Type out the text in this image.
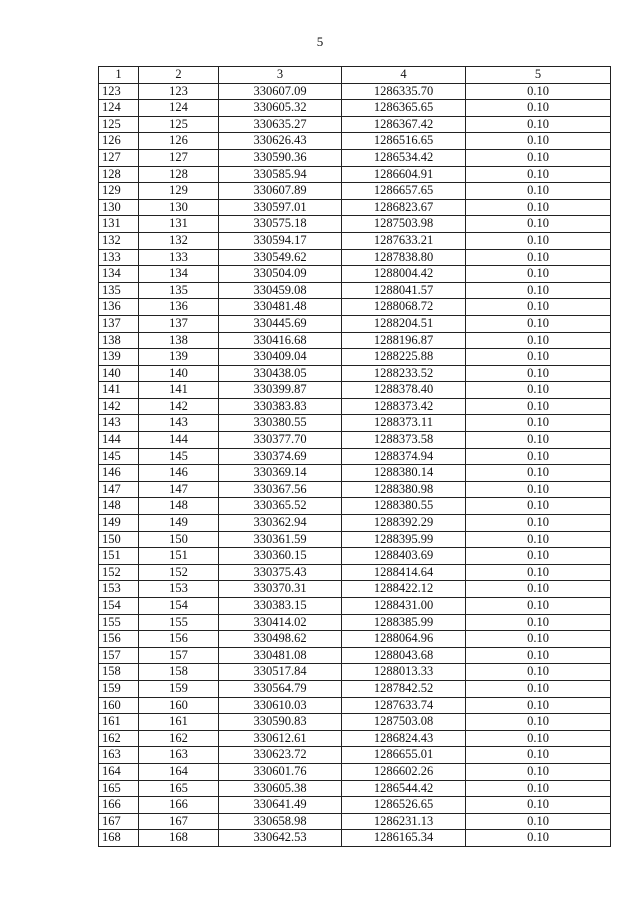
5
1	2	3	4	5
123	123	330607.09	1286335.70	0.10
124	124	330605.32	1286365.65	0.10
125	125	330635.27	1286367.42	0.10
126	126	330626.43	1286516.65	0.10
127	127	330590.36	1286534.42	0.10
128	128	330585.94	1286604.91	0.10
129	129	330607.89	1286657.65	0.10
130	130	330597.01	1286823.67	0.10
131	131	330575.18	1287503.98	0.10
132	132	330594.17	1287633.21	0.10
133	133	330549.62	1287838.80	0.10
134	134	330504.09	1288004.42	0.10
135	135	330459.08	1288041.57	0.10
136	136	330481.48	1288068.72	0.10
137	137	330445.69	1288204.51	0.10
138	138	330416.68	1288196.87	0.10
139	139	330409.04	1288225.88	0.10
140	140	330438.05	1288233.52	0.10
141	141	330399.87	1288378.40	0.10
142	142	330383.83	1288373.42	0.10
143	143	330380.55	1288373.11	0.10
144	144	330377.70	1288373.58	0.10
145	145	330374.69	1288374.94	0.10
146	146	330369.14	1288380.14	0.10
147	147	330367.56	1288380.98	0.10
148	148	330365.52	1288380.55	0.10
149	149	330362.94	1288392.29	0.10
150	150	330361.59	1288395.99	0.10
151	151	330360.15	1288403.69	0.10
152	152	330375.43	1288414.64	0.10
153	153	330370.31	1288422.12	0.10
154	154	330383.15	1288431.00	0.10
155	155	330414.02	1288385.99	0.10
156	156	330498.62	1288064.96	0.10
157	157	330481.08	1288043.68	0.10
158	158	330517.84	1288013.33	0.10
159	159	330564.79	1287842.52	0.10
160	160	330610.03	1287633.74	0.10
161	161	330590.83	1287503.08	0.10
162	162	330612.61	1286824.43	0.10
163	163	330623.72	1286655.01	0.10
164	164	330601.76	1286602.26	0.10
165	165	330605.38	1286544.42	0.10
166	166	330641.49	1286526.65	0.10
167	167	330658.98	1286231.13	0.10
168	168	330642.53	1286165.34	0.10
